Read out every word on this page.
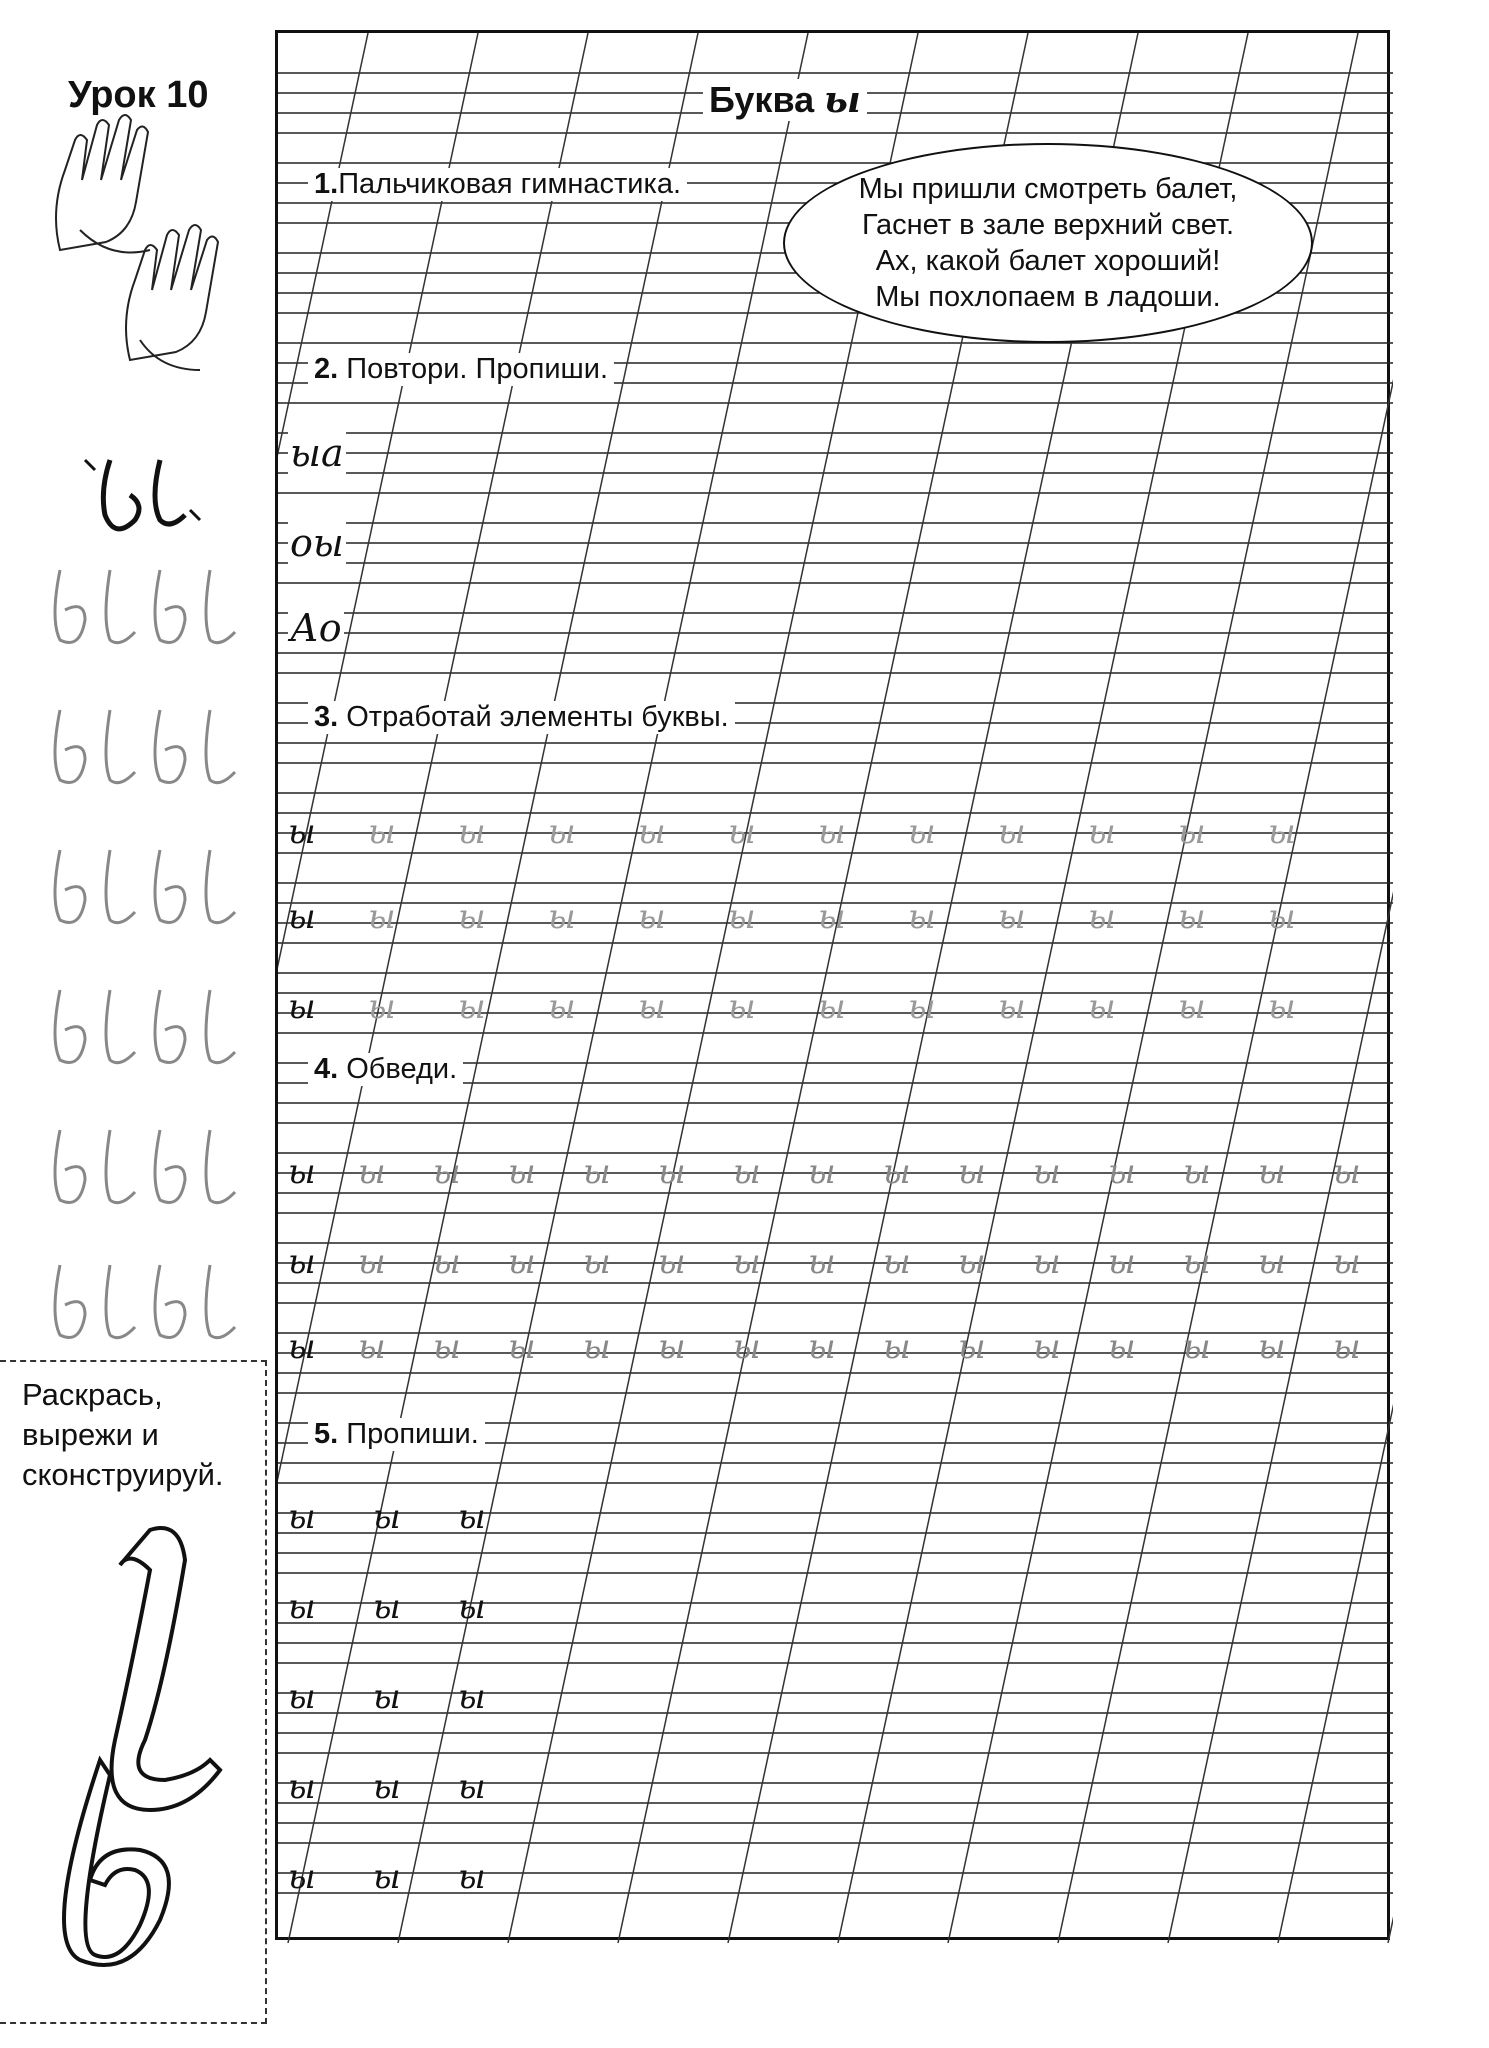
Урок 10
Раскрась, вырежи и сконструируй.
ы
ы
ы
ы ы ы ы ы ы ы ы ы ы ы
ы ы ы ы ы ы ы ы ы ы ы
ы ы ы ы ы ы ы ы ы ы ы
ы
ы
ы
ы ы ы ы ы ы ы ы ы ы ы ы ы ы
ы ы ы ы ы ы ы ы ы ы ы ы ы ы
ы ы ы ы ы ы ы ы ы ы ы ы ы ы
ы ы ы
ы ы ы
ы ы ы
ы ы ы
ы ы ы
Буква ы
1.Пальчиковая гимнастика.	Мы пришли смотреть балет,
Гаснет в зале верхний свет.
Ах, какой балет хороший!
Мы похлопаем в ладоши.
2. Повтори. Пропиши.
ыа
оы
Ао
3. Отработай элементы буквы.
4. Обведи.
5. Пропиши.
